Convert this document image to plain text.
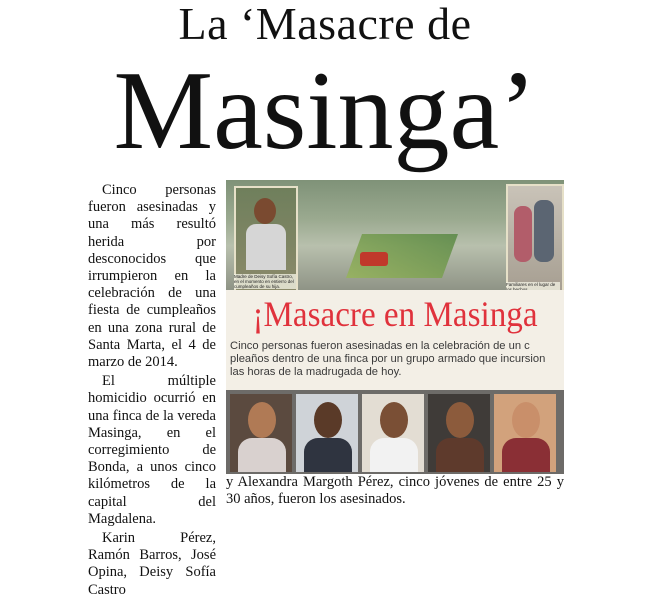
La ‘Masacre de
Masinga’

Cinco personas fueron asesinadas y una más resultó herida por desconocidos que irrumpieron en la celebración de una fiesta de cumpleaños en una zona rural de Santa Marta, el 4 de marzo de 2014.

El múltiple homicidio ocurrió en una finca de la vereda Masinga, en el corregimiento de Bonda, a unos cinco kilómetros de la capital del Magdalena.

Karin Pérez, Ramón Barros, José Opina, Deisy Sofía Castro

Madre de Deisy Sofía Castro, en el momento en entierro del cumpleaños de su hija.	Familiares en el lugar de
¡Masacre en Masinga
Cinco personas fueron asesinadas en la celebración de un c
pleaños dentro de una finca por un grupo armado que incursion
las horas de la madrugada de hoy.
y Alexandra Margoth Pérez, cinco jóvenes de entre 25 y 30 años, fueron los asesinados.
